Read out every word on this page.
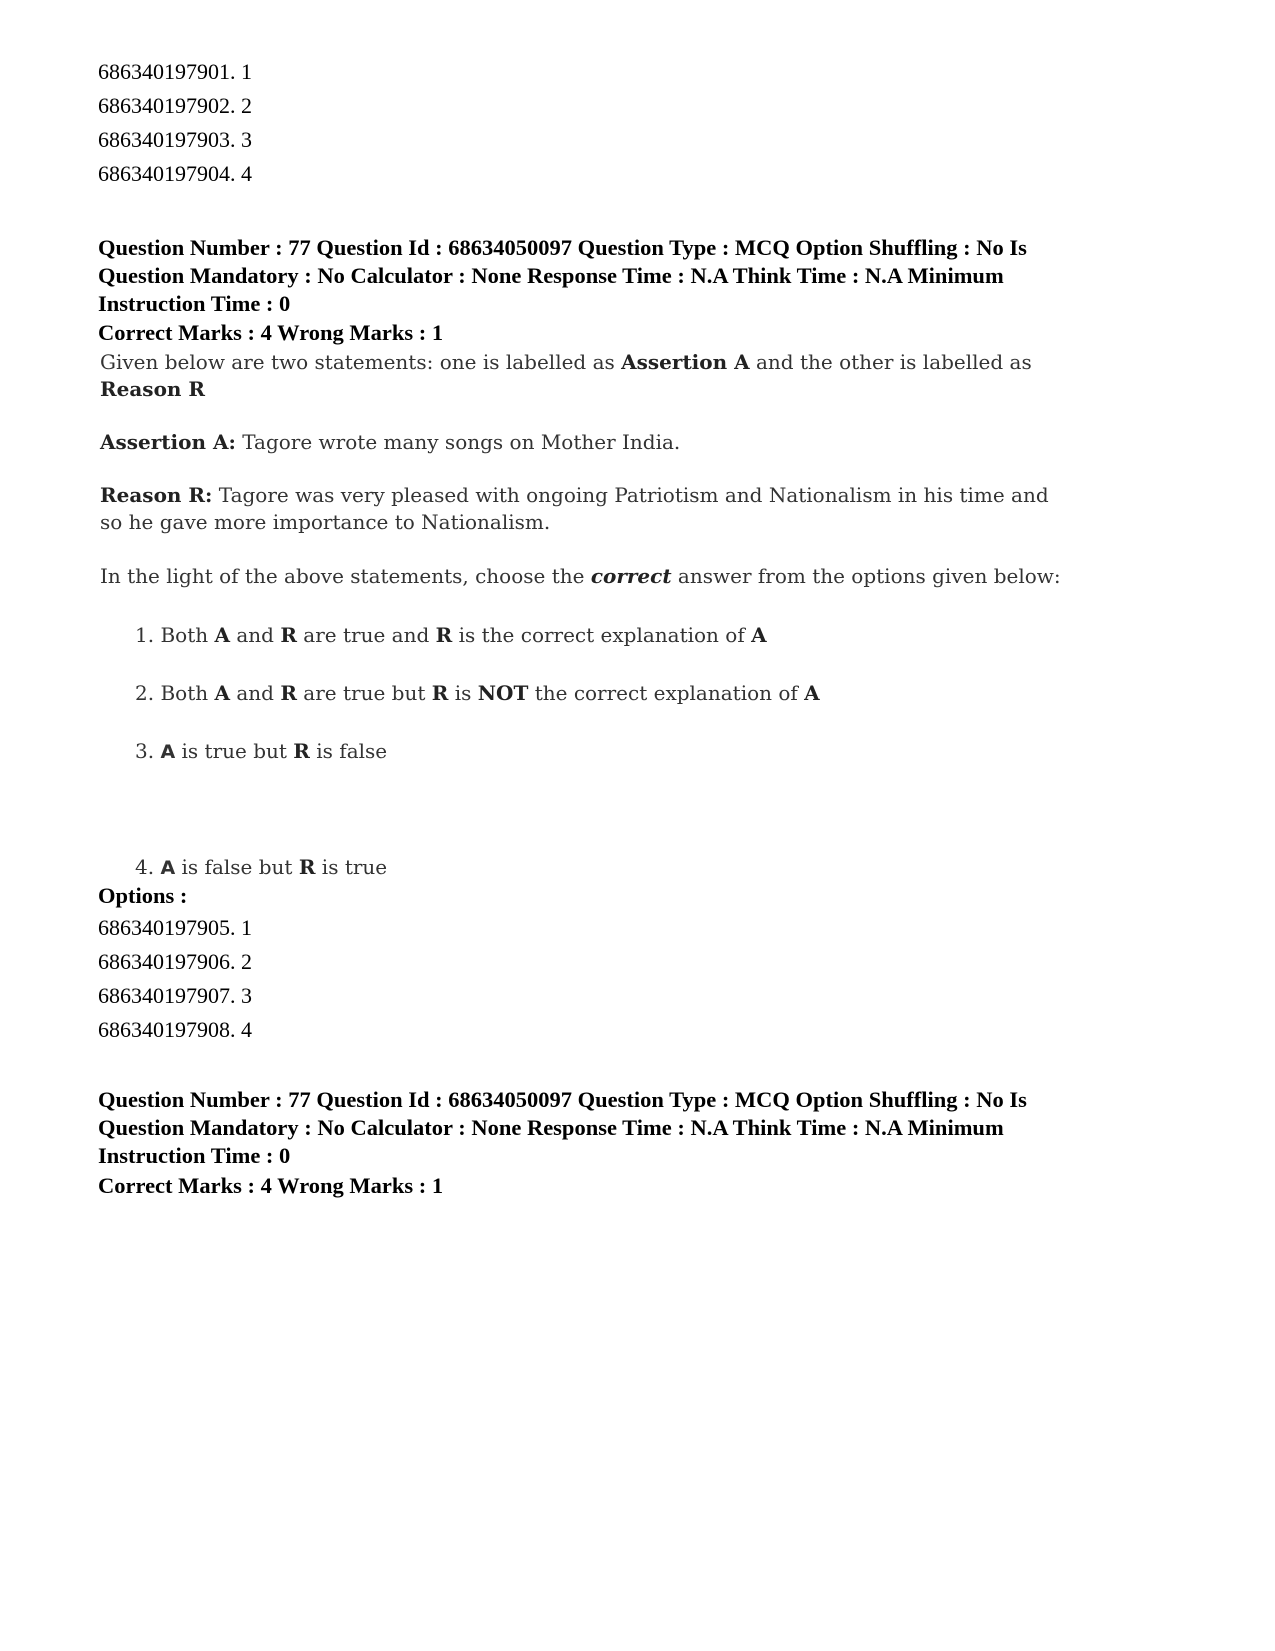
686340197901. 1
686340197902. 2
686340197903. 3
686340197904. 4
Question Number : 77 Question Id : 68634050097 Question Type : MCQ Option Shuffling : No Is
Question Mandatory : No Calculator : None Response Time : N.A Think Time : N.A Minimum
Instruction Time : 0
Correct Marks : 4 Wrong Marks : 1
Given below are two statements: one is labelled as Assertion A and the other is labelled as
Reason R
Assertion A: Tagore wrote many songs on Mother India.
Reason R: Tagore was very pleased with ongoing Patriotism and Nationalism in his time and
so he gave more importance to Nationalism.
In the light of the above statements, choose the correct answer from the options given below:
1. Both A and R are true and R is the correct explanation of A
2. Both A and R are true but R is NOT the correct explanation of A
3. A is true but R is false
4. A is false but R is true
Options :
686340197905. 1
686340197906. 2
686340197907. 3
686340197908. 4
Question Number : 77 Question Id : 68634050097 Question Type : MCQ Option Shuffling : No Is
Question Mandatory : No Calculator : None Response Time : N.A Think Time : N.A Minimum
Instruction Time : 0
Correct Marks : 4 Wrong Marks : 1
